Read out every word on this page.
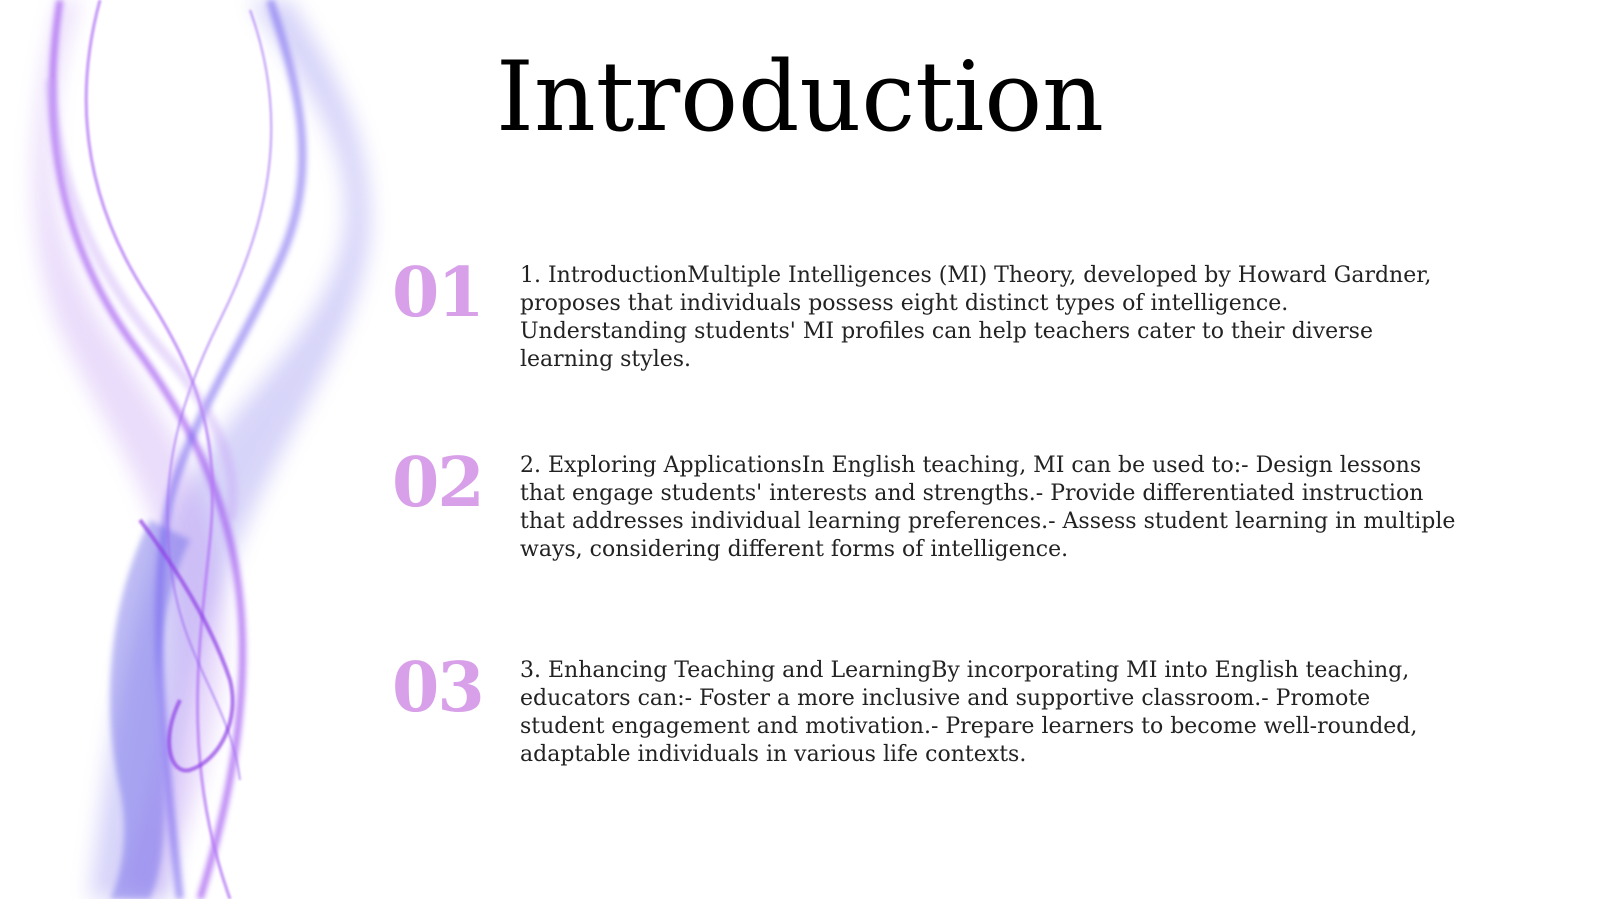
Introduction
01	1. IntroductionMultiple Intelligences (MI) Theory, developed by Howard Gardner, proposes that individuals possess eight distinct types of intelligence. Understanding students' MI profiles can help teachers cater to their diverse learning styles.

02	2. Exploring ApplicationsIn English teaching, MI can be used to:- Design lessons that engage students' interests and strengths.- Provide differentiated instruction that addresses individual learning preferences.- Assess student learning in multiple ways, considering different forms of intelligence.

03	3. Enhancing Teaching and LearningBy incorporating MI into English teaching, educators can:- Foster a more inclusive and supportive classroom.- Promote student engagement and motivation.- Prepare learners to become well-rounded, adaptable individuals in various life contexts.
